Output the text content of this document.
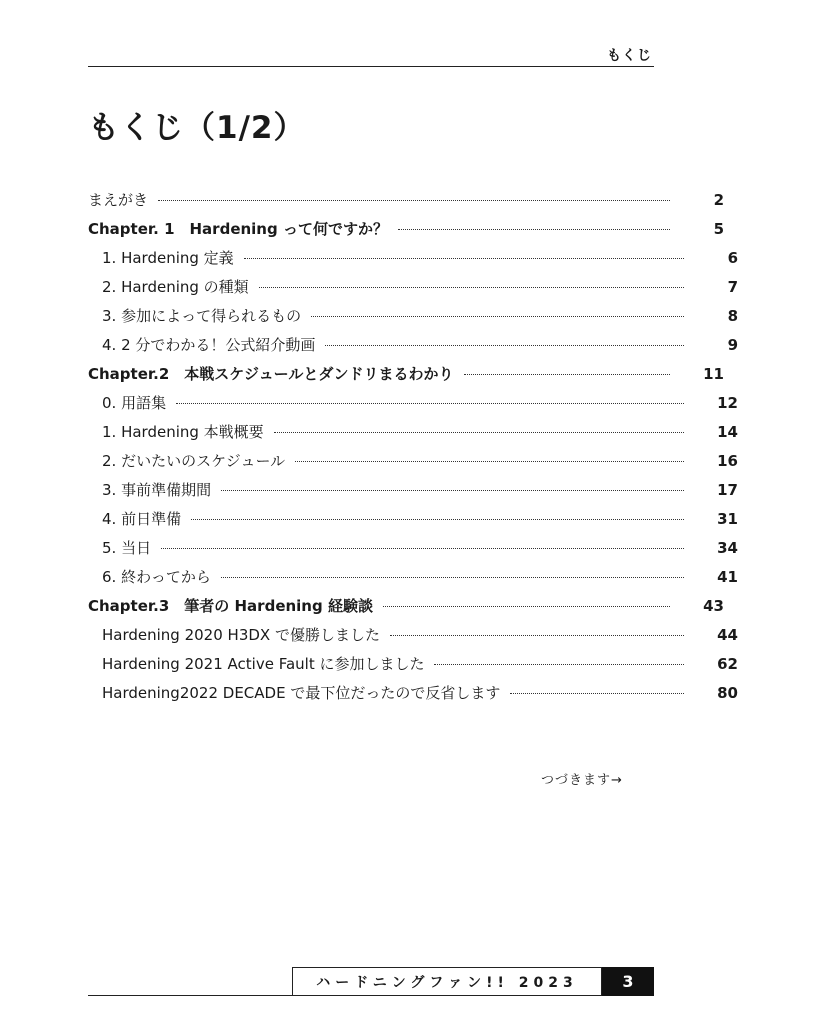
もくじ
もくじ（1/2）
まえがき	2
Chapter. 1　Hardening って何ですか？	5
1. Hardening 定義	6
2. Hardening の種類	7
3. 参加によって得られるもの	8
4. 2 分でわかる！公式紹介動画	9
Chapter.2　本戦スケジュールとダンドリまるわかり	11
0. 用語集	12
1. Hardening 本戦概要	14
2. だいたいのスケジュール	16
3. 事前準備期間	17
4. 前日準備	31
5. 当日	34
6. 終わってから	41
Chapter.3　筆者の Hardening 経験談	43
Hardening 2020 H3DX で優勝しました	44
Hardening 2021 Active Fault に参加しました	62
Hardening2022 DECADE で最下位だったので反省します	80
つづきます→
ハードニングファン!! 2023	3
